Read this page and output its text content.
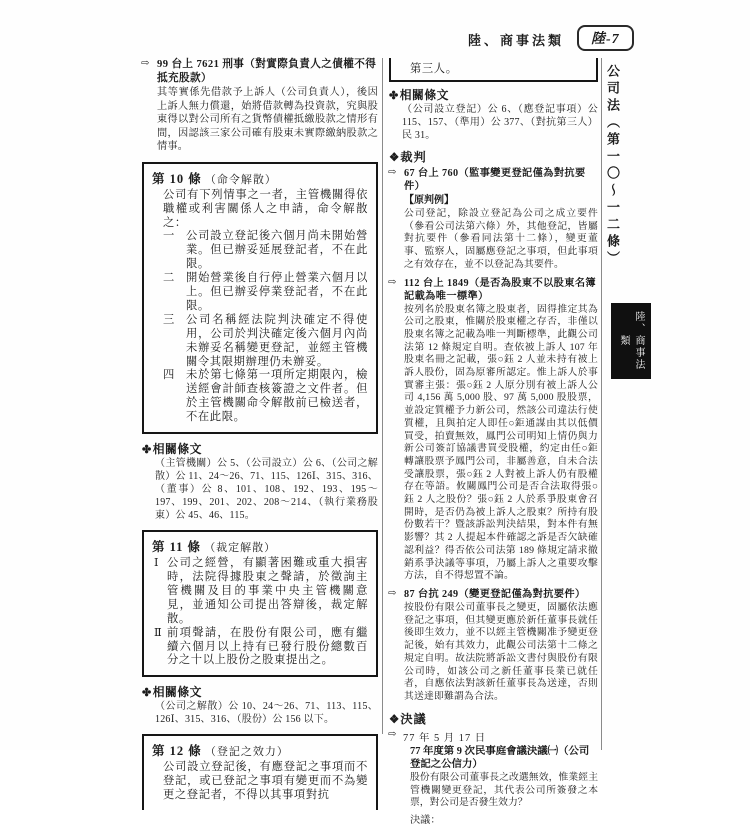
陸、商事法類	陸-7
公司法（第一〇～一二條）
陸、商事法類
⇨ 99 台上 7621 刑事（對實際負責人之債權不得抵充股款）
其等實係先借款予上訴人（公司負責人），後因上訴人無力償還，始將借款轉為投資款，究與股東得以對公司所有之貨幣債權抵繳股款之情形有間，因認該三家公司確有股東未實際繳納股款之情事。
第 10 條 （命令解散）
公司有下列情事之一者，主管機關得依職權或利害關係人之申請，命令解散之：
一 公司設立登記後六個月尚未開始營業。但已辦妥延展登記者，不在此限。
二 開始營業後自行停止營業六個月以上。但已辦妥停業登記者，不在此限。
三 公司名稱經法院判決確定不得使用，公司於判決確定後六個月內尚未辦妥名稱變更登記，並經主管機關令其限期辦理仍未辦妥。
四 未於第七條第一項所定期限內，檢送經會計師查核簽證之文件者。但於主管機關命令解散前已檢送者，不在此限。
✤相關條文
（主管機關）公 5、（公司設立）公 6、（公司之解散）公 11、24～26、71、115、126Ⅰ、315、316、（董事）公 8、101、108、192、193、195～197、199、201、202、208～214、（執行業務股東）公 45、46、115。
第 11 條 （裁定解散）
Ⅰ 公司之經營，有顯著困難或重大損害時，法院得據股東之聲請，於徵詢主管機關及目的事業中央主管機關意見，並通知公司提出答辯後，裁定解散。
Ⅱ 前項聲請，在股份有限公司，應有繼續六個月以上持有已發行股份總數百分之十以上股份之股東提出之。
✤相關條文
（公司之解散）公 10、24～26、71、113、115、126Ⅰ、315、316、（股份）公 156 以下。
第 12 條 （登記之效力）
公司設立登記後，有應登記之事項而不登記，或已登記之事項有變更而不為變更之登記者，不得以其事項對抗
第三人。
✤相關條文
（公司設立登記）公 6、（應登記事項）公 115、157、（準用）公 377、（對抗第三人）民 31。
❖裁判
⇨ 67 台上 760（監事變更登記僅為對抗要件）
【原判例】
公司登記，除設立登記為公司之成立要件（參看公司法第六條）外，其他登記，皆屬對抗要件（參看同法第十二條），變更董事、監察人，固屬應登記之事項，但此事項之有效存在，並不以登記為其要件。
⇨ 112 台上 1849（是否為股東不以股東名簿記載為唯一標準）
按列名於股東名簿之股東者，固得推定其為公司之股東，惟關於股東權之存否，非僅以股東名簿之記載為唯一判斷標準，此觀公司法第 12 條規定自明。查依被上訴人 107 年股東名冊之記載，張○鈺 2 人並未持有被上訴人股份，固為原審所認定。惟上訴人於事實審主張：張○鈺 2 人原分別有被上訴人公司 4,156 萬 5,000 股、97 萬 5,000 股股票，並設定質權予力新公司，然該公司違法行使質權，且與拍定人即任○鉅通謀由其以低價買受，拍賣無效，鳳門公司明知上情仍與力新公司簽訂協議書買受股權，約定由任○鉅轉讓股票予鳳門公司，非屬善意，自未合法受讓股票，張○鈺 2 人對被上訴人仍有股權存在等語。攸關鳳門公司是否合法取得張○鈺 2 人之股份？張○鈺 2 人於系爭股東會召開時，是否仍為被上訴人之股東？所持有股份數若干？暨該訴訟判決結果，對本件有無影響？其 2 人提起本件確認之訴是否欠缺確認利益？得否依公司法第 189 條規定請求撤銷系爭決議等事項，乃屬上訴人之重要攻擊方法，自不得恝置不論。
⇨ 87 台抗 249（變更登記僅為對抗要件）
按股份有限公司董事長之變更，固屬依法應登記之事項，但其變更應於新任董事長就任後即生效力，並不以經主管機關准予變更登記後，始有其效力，此觀公司法第十二條之規定自明。故法院將訴訟文書付與股份有限公司時，如該公司之新任董事長業已就任者，自應依法對該新任董事長為送達，否則其送達即難謂為合法。
❖決議
⇨ 77 年 5 月 17 日
77 年度第 9 次民事庭會議決議㈠（公司登記之公信力）
股份有限公司董事長之改選無效，惟業經主管機關變更登記，其代表公司所簽發之本票，對公司是否發生效力？
決議：
